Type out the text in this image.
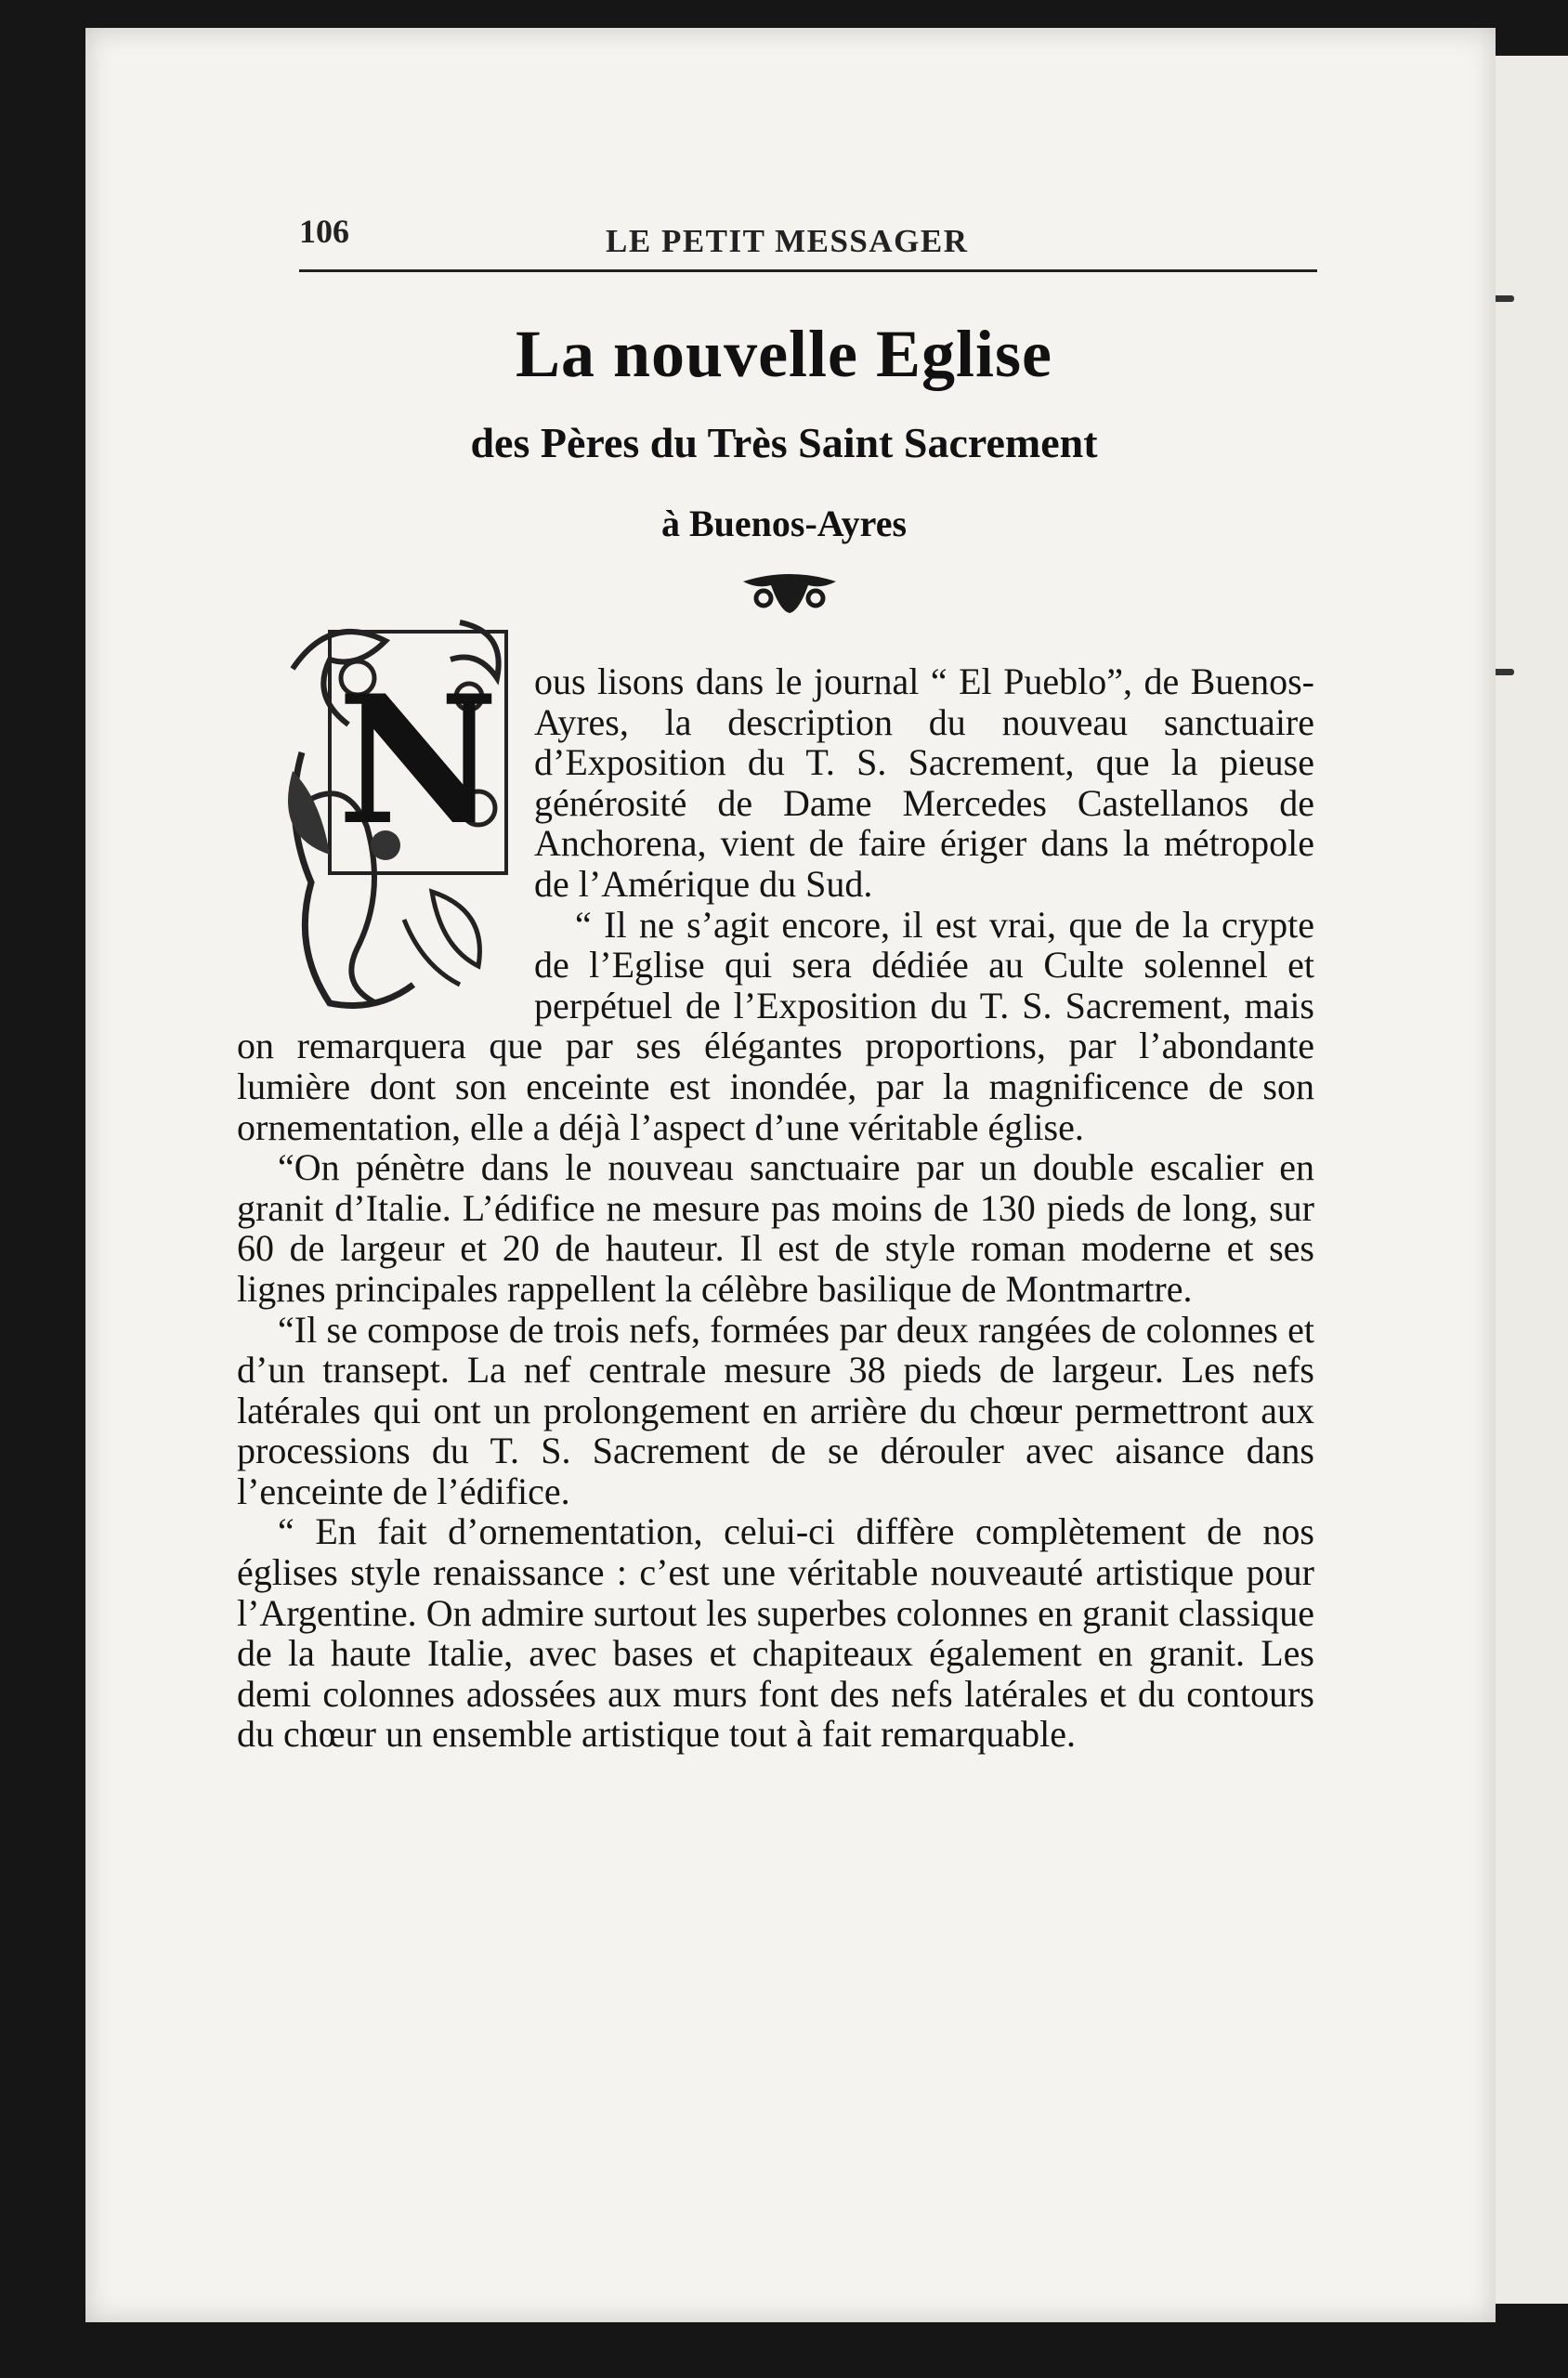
106	LE PETIT MESSAGER
La nouvelle Eglise
des Pères du Très Saint Sacrement
à Buenos-Ayres
N ous lisons dans le journal “ El Pueblo”, de Buenos-Ayres, la description du nouveau sanctuaire d’Exposition du T. S. Sacrement, que la pieuse générosité de Dame Mercedes Castellanos de Anchorena, vient de faire ériger dans la métropole de l’Amérique du Sud.

“ Il ne s’agit encore, il est vrai, que de la crypte de l’Eglise qui sera dédiée au Culte solennel et perpétuel de l’Exposition du T. S. Sacrement, mais on remarquera que par ses élégantes proportions, par l’abondante lumière dont son enceinte est inondée, par la magnificence de son ornementation, elle a déjà l’aspect d’une véritable église.

“On pénètre dans le nouveau sanctuaire par un double escalier en granit d’Italie. L’édifice ne mesure pas moins de 130 pieds de long, sur 60 de largeur et 20 de hauteur. Il est de style roman moderne et ses lignes principales rappellent la célèbre basilique de Montmartre.

“Il se compose de trois nefs, formées par deux rangées de colonnes et d’un transept. La nef centrale mesure 38 pieds de largeur. Les nefs latérales qui ont un prolongement en arrière du chœur permettront aux processions du T. S. Sacrement de se dérouler avec aisance dans l’enceinte de l’édifice.

“ En fait d’ornementation, celui-ci diffère complètement de nos églises style renaissance : c’est une véritable nouveauté artistique pour l’Argentine. On admire surtout les superbes colonnes en granit classique de la haute Italie, avec bases et chapiteaux également en granit. Les demi colonnes adossées aux murs font des nefs latérales et du contours du chœur un ensemble artistique tout à fait remarquable.
